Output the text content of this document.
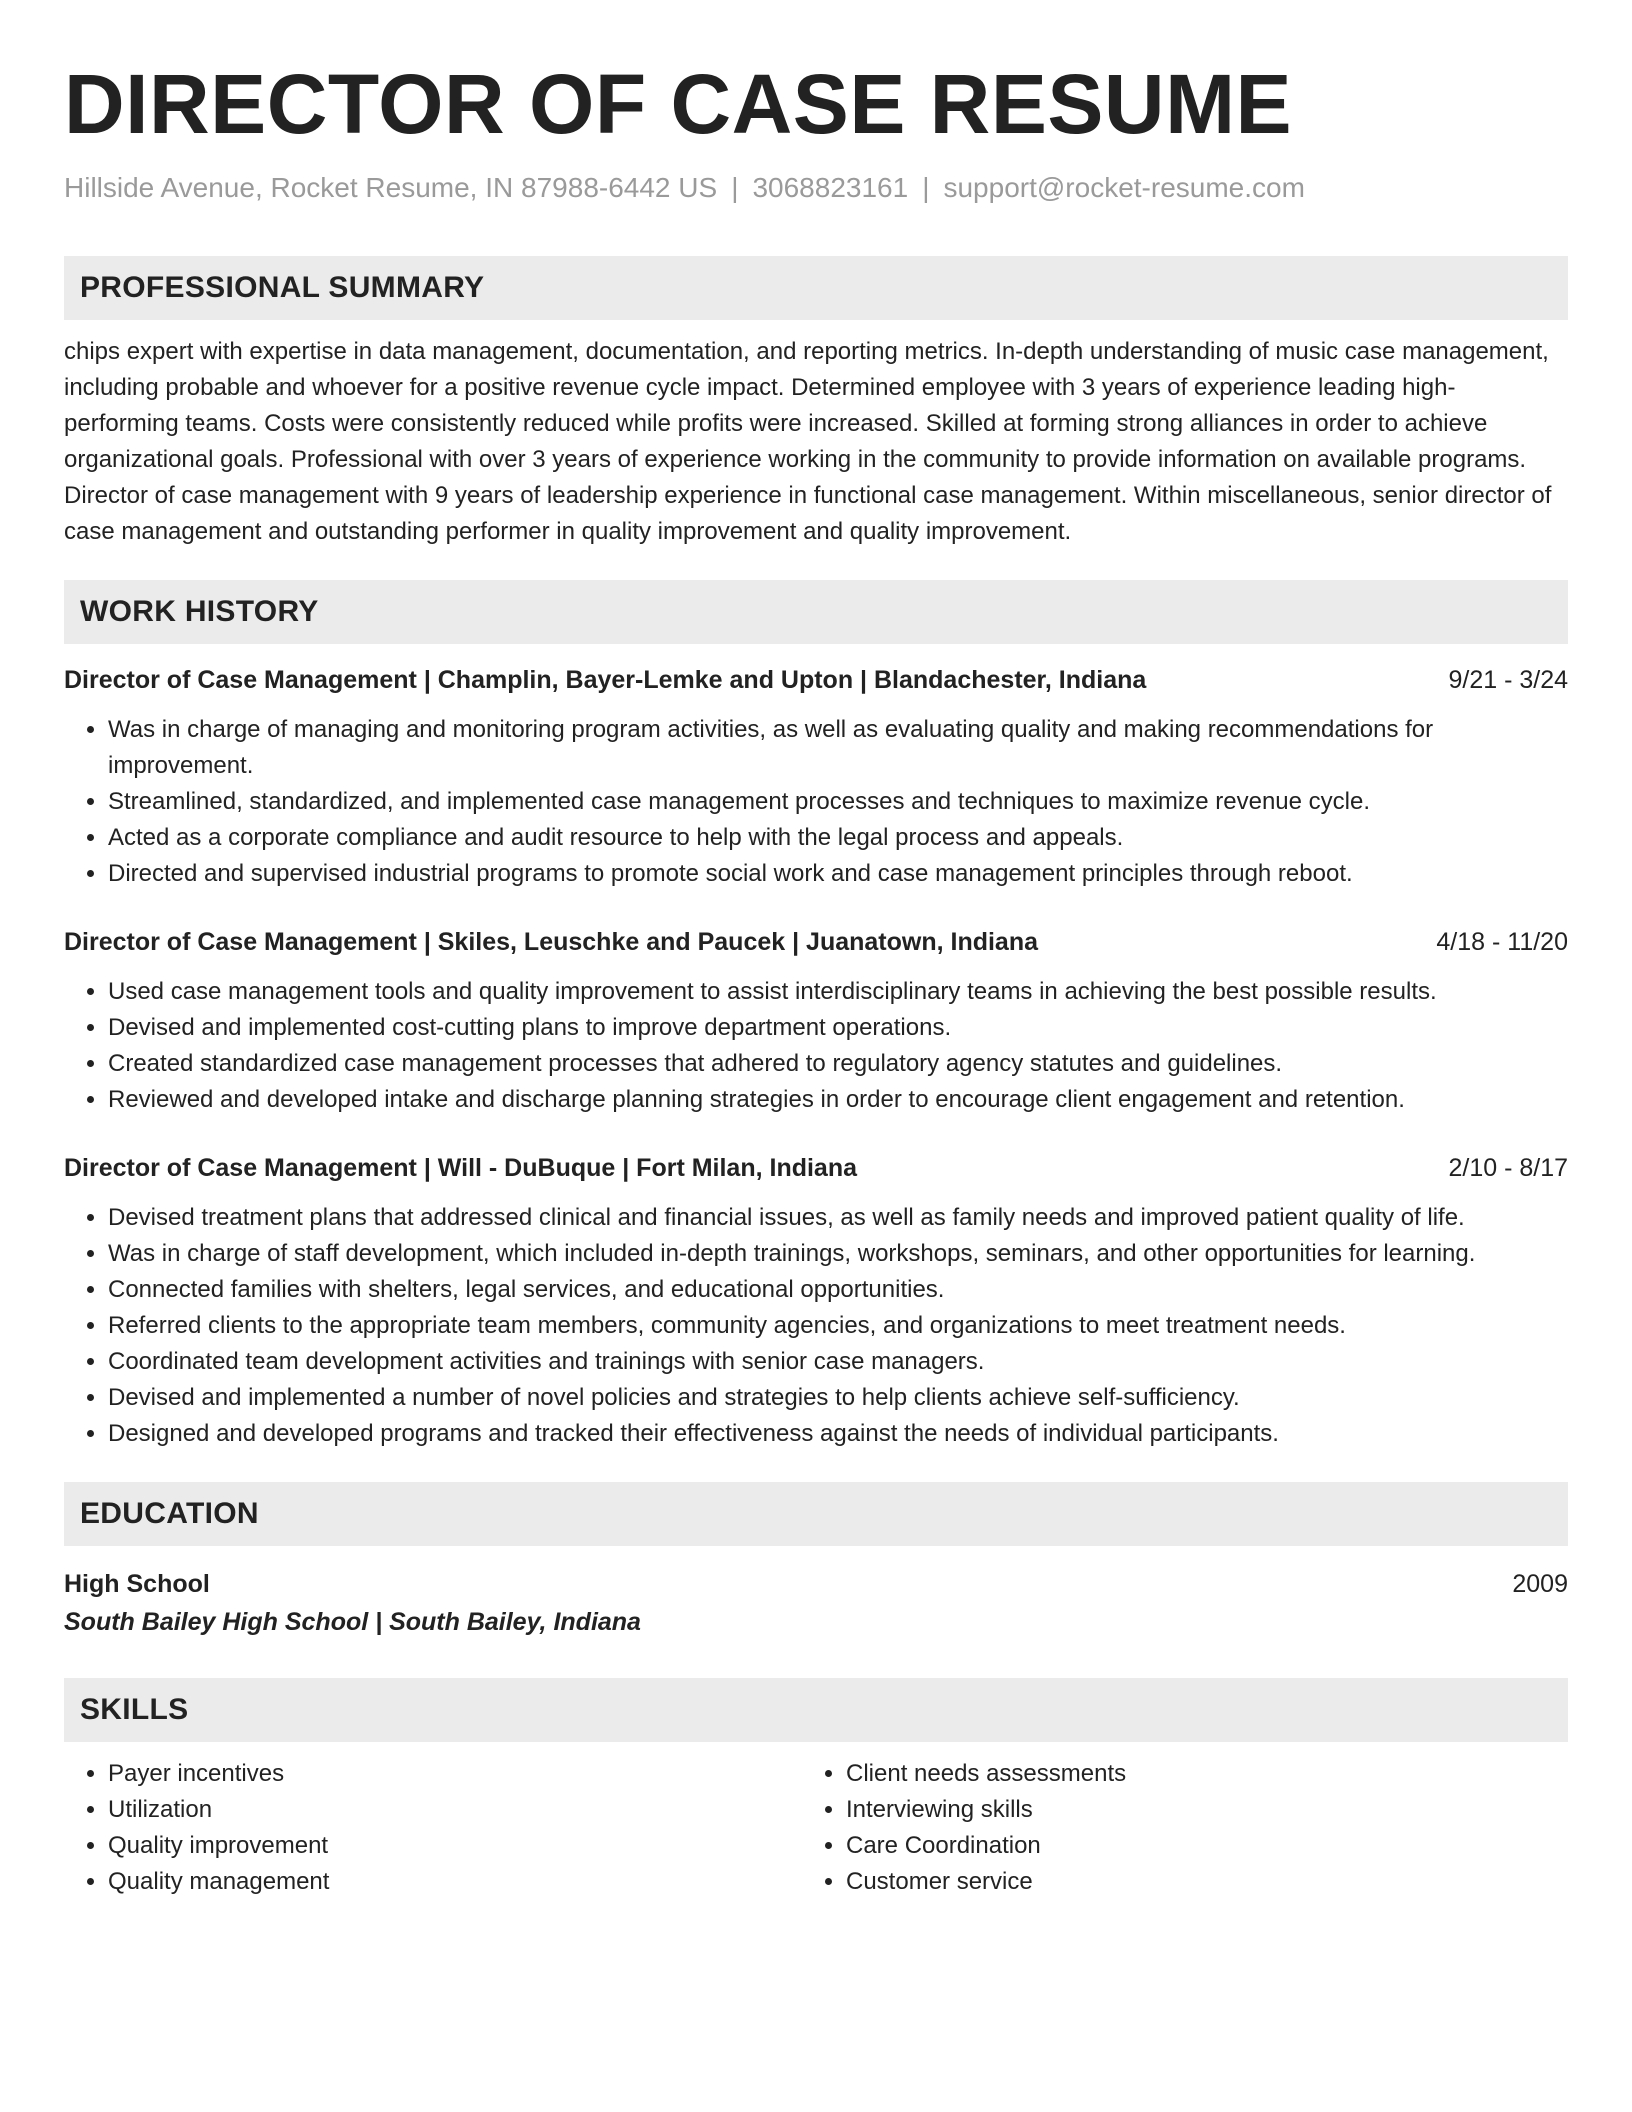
DIRECTOR OF CASE RESUME
Hillside Avenue, Rocket Resume, IN 87988-6442 US | 3068823161 | support@rocket-resume.com
PROFESSIONAL SUMMARY
chips expert with expertise in data management, documentation, and reporting metrics. In-depth understanding of music case management, including probable and whoever for a positive revenue cycle impact. Determined employee with 3 years of experience leading high-performing teams. Costs were consistently reduced while profits were increased. Skilled at forming strong alliances in order to achieve organizational goals. Professional with over 3 years of experience working in the community to provide information on available programs. Director of case management with 9 years of leadership experience in functional case management. Within miscellaneous, senior director of case management and outstanding performer in quality improvement and quality improvement.
WORK HISTORY
Director of Case Management | Champlin, Bayer-Lemke and Upton | Blandachester, Indiana	9/21 - 3/24
• Was in charge of managing and monitoring program activities, as well as evaluating quality and making recommendations for improvement.
• Streamlined, standardized, and implemented case management processes and techniques to maximize revenue cycle.
• Acted as a corporate compliance and audit resource to help with the legal process and appeals.
• Directed and supervised industrial programs to promote social work and case management principles through reboot.
Director of Case Management | Skiles, Leuschke and Paucek | Juanatown, Indiana	4/18 - 11/20
• Used case management tools and quality improvement to assist interdisciplinary teams in achieving the best possible results.
• Devised and implemented cost-cutting plans to improve department operations.
• Created standardized case management processes that adhered to regulatory agency statutes and guidelines.
• Reviewed and developed intake and discharge planning strategies in order to encourage client engagement and retention.
Director of Case Management | Will - DuBuque | Fort Milan, Indiana	2/10 - 8/17
• Devised treatment plans that addressed clinical and financial issues, as well as family needs and improved patient quality of life.
• Was in charge of staff development, which included in-depth trainings, workshops, seminars, and other opportunities for learning.
• Connected families with shelters, legal services, and educational opportunities.
• Referred clients to the appropriate team members, community agencies, and organizations to meet treatment needs.
• Coordinated team development activities and trainings with senior case managers.
• Devised and implemented a number of novel policies and strategies to help clients achieve self-sufficiency.
• Designed and developed programs and tracked their effectiveness against the needs of individual participants.
EDUCATION
High School	2009
South Bailey High School | South Bailey, Indiana
SKILLS
• Payer incentives
• Utilization
• Quality improvement
• Quality management
• Client needs assessments
• Interviewing skills
• Care Coordination
• Customer service
